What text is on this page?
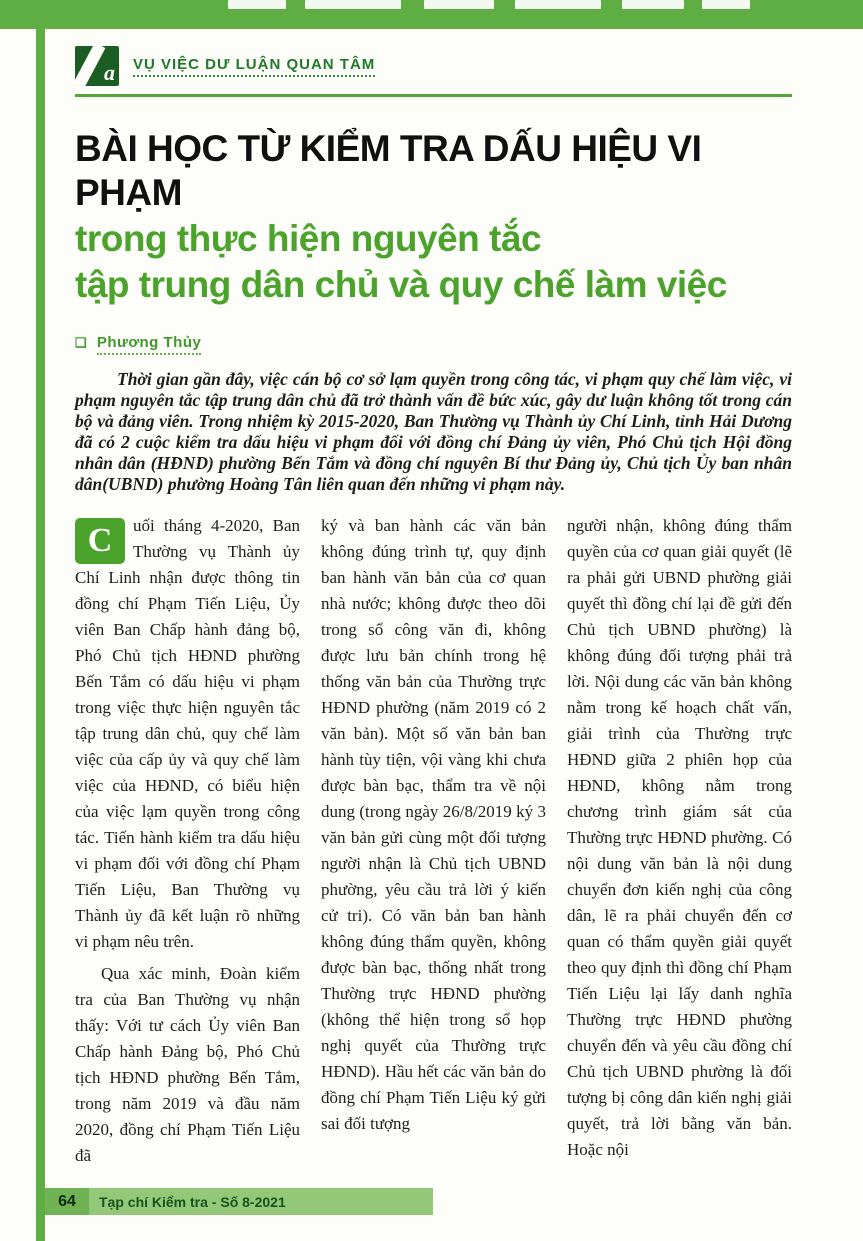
a VỤ VIỆC DƯ LUẬN QUAN TÂM
BÀI HỌC TỪ KIỂM TRA DẤU HIỆU VI PHẠM
trong thực hiện nguyên tắc
tập trung dân chủ và quy chế làm việc
❑ Phương Thủy

Thời gian gần đây, việc cán bộ cơ sở lạm quyền trong công tác, vi phạm quy chế làm việc, vi phạm nguyên tắc tập trung dân chủ đã trở thành vấn đề bức xúc, gây dư luận không tốt trong cán bộ và đảng viên. Trong nhiệm kỳ 2015-2020, Ban Thường vụ Thành ủy Chí Linh, tỉnh Hải Dương đã có 2 cuộc kiểm tra dấu hiệu vi phạm đối với đồng chí Đảng ủy viên, Phó Chủ tịch Hội đồng nhân dân (HĐND) phường Bến Tắm và đồng chí nguyên Bí thư Đảng ủy, Chủ tịch Ủy ban nhân dân(UBND) phường Hoàng Tân liên quan đến những vi phạm này.

C	uối tháng 4-2020, Ban Thường vụ Thành ủy Chí Linh nhận được thông tin đồng chí Phạm Tiến Liệu, Ủy viên Ban Chấp hành đảng bộ, Phó Chủ tịch HĐND phường Bến Tắm có dấu hiệu vi phạm trong việc thực hiện nguyên tắc tập trung dân chủ, quy chế làm việc của cấp ủy và quy chế làm việc của HĐND, có biểu hiện của việc lạm quyền trong công tác. Tiến hành kiểm tra dấu hiệu vi phạm đối với đồng chí Phạm Tiến Liệu, Ban Thường vụ Thành ủy đã kết luận rõ những vi phạm nêu trên.

Qua xác minh, Đoàn kiểm tra của Ban Thường vụ nhận thấy: Với tư cách Ủy viên Ban Chấp hành Đảng bộ, Phó Chủ tịch HĐND phường Bến Tắm, trong năm 2019 và đầu năm 2020, đồng chí Phạm Tiến Liệu đã

ký và ban hành các văn bản không đúng trình tự, quy định ban hành văn bản của cơ quan nhà nước; không được theo dõi trong sổ công văn đi, không được lưu bản chính trong hệ thống văn bản của Thường trực HĐND phường (năm 2019 có 2 văn bản). Một số văn bản ban hành tùy tiện, vội vàng khi chưa được bàn bạc, thẩm tra về nội dung (trong ngày 26/8/2019 ký 3 văn bản gửi cùng một đối tượng người nhận là Chủ tịch UBND phường, yêu cầu trả lời ý kiến cử tri). Có văn bản ban hành không đúng thẩm quyền, không được bàn bạc, thống nhất trong Thường trực HĐND phường (không thể hiện trong sổ họp nghị quyết của Thường trực HĐND). Hầu hết các văn bản do đồng chí Phạm Tiến Liệu ký gửi sai đối tượng

người nhận, không đúng thẩm quyền của cơ quan giải quyết (lẽ ra phải gửi UBND phường giải quyết thì đồng chí lại đề gửi đến Chủ tịch UBND phường) là không đúng đối tượng phải trả lời. Nội dung các văn bản không nằm trong kế hoạch chất vấn, giải trình của Thường trực HĐND giữa 2 phiên họp của HĐND, không nằm trong chương trình giám sát của Thường trực HĐND phường. Có nội dung văn bản là nội dung chuyển đơn kiến nghị của công dân, lẽ ra phải chuyển đến cơ quan có thẩm quyền giải quyết theo quy định thì đồng chí Phạm Tiến Liệu lại lấy danh nghĩa Thường trực HĐND phường chuyển đến và yêu cầu đồng chí Chủ tịch UBND phường là đối tượng bị công dân kiến nghị giải quyết, trả lời bằng văn bản. Hoặc nội

64	Tạp chí Kiểm tra - Số 8-2021
